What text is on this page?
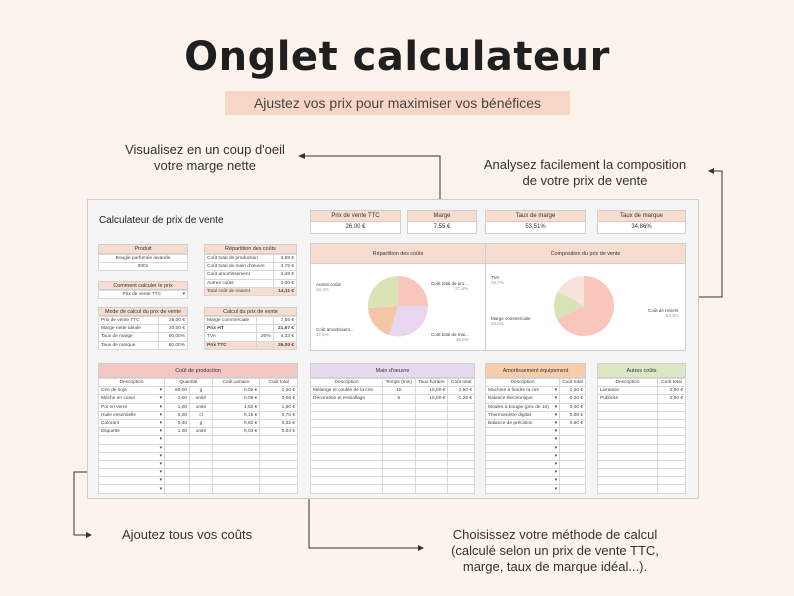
Onglet calculateur
Ajustez vos prix pour maximiser vos bénéfices
Visualisez en un coup d'oeil
votre marge nette	Analysez facilement la composition
de votre prix de vente
Ajoutez tous vos coûts	Choisissez votre méthode de calcul
(calculé selon un prix de vente TTC,
marge, taux de marque idéal...).
Calculateur de prix de vente	Prix de vente TTC
26,00 €
Marge
7,55 €
Taux de marge
53,51%
Taux de marque
34,86%
Produit
Bougie parfumée lavande
0001
Comment calculer le prix
Prix de vente TTC	▾
Mode de calcul du prix de vente
Prix de vente TTC	26,00 €
Marge nette idéale	20,00 €
Taux de marge	60,00%
Taux de marque	50,00%
Répartition des coûts
Coût total de production	3,88 €
Coût total de main d'œuvre	3,75 €
Coût amortissement	2,48 €
Autres coûts	4,00 €
Total coût de revient	14,11 €
Calcul du prix de vente
Marge commerciale		7,55 €
Prix HT		21,67 €
TVA	20%	4,33 €
Prix TTC		26,00 €
Répartition des coûts
Autres coûts
28,3%
Coût total de pro...
27,5%
Coût amortissem...
17,6%	Coût total de mai...
26,6%
Composition du prix de vente
TVA
16,7%
Marge commerciale
29,0%
Coût de revient
54,3%
Coût de production
Description	Quantité		Coût unitaire	Coût total
Cire de soja ▾	60,00	g	0,02 €	1,20 €
Mèche en coton ▾	1,00	unité	0,08 €	0,08 €
Pot en verre ▾	1,00	unité	1,50 €	1,50 €
Huile essentielle ▾	5,00	cl	0,15 €	0,75 €
Colorant ▾	0,40	g	0,80 €	0,32 €
Étiquette ▾	1,00	unité	0,03 €	0,03 €

▾				

▾				

▾				

▾				

▾				

▾				

▾				

Main d'oeuvre
Description	Temps (min)	Taux horaire	Coût total
Mélange et coulée de la cire	10	15,00 €	2,50 €
Décoration et emballage	5	15,00 €	1,25 €

Amortissement équipement
Description	Coût total
Machine à fondre la cire ▾	1,20 €
Balance électronique ▾	0,20 €
Moules à bougie (prix de 10) ▾	0,40 €
Thermomètre digital ▾	0,08 €
Balance de précision ▾	0,60 €

▾	

▾	

▾	

▾	

▾	

▾	

▾	

▾	

Autres coûts
Description	Coût total
Livraison	2,00 €
Publicité	2,00 €
